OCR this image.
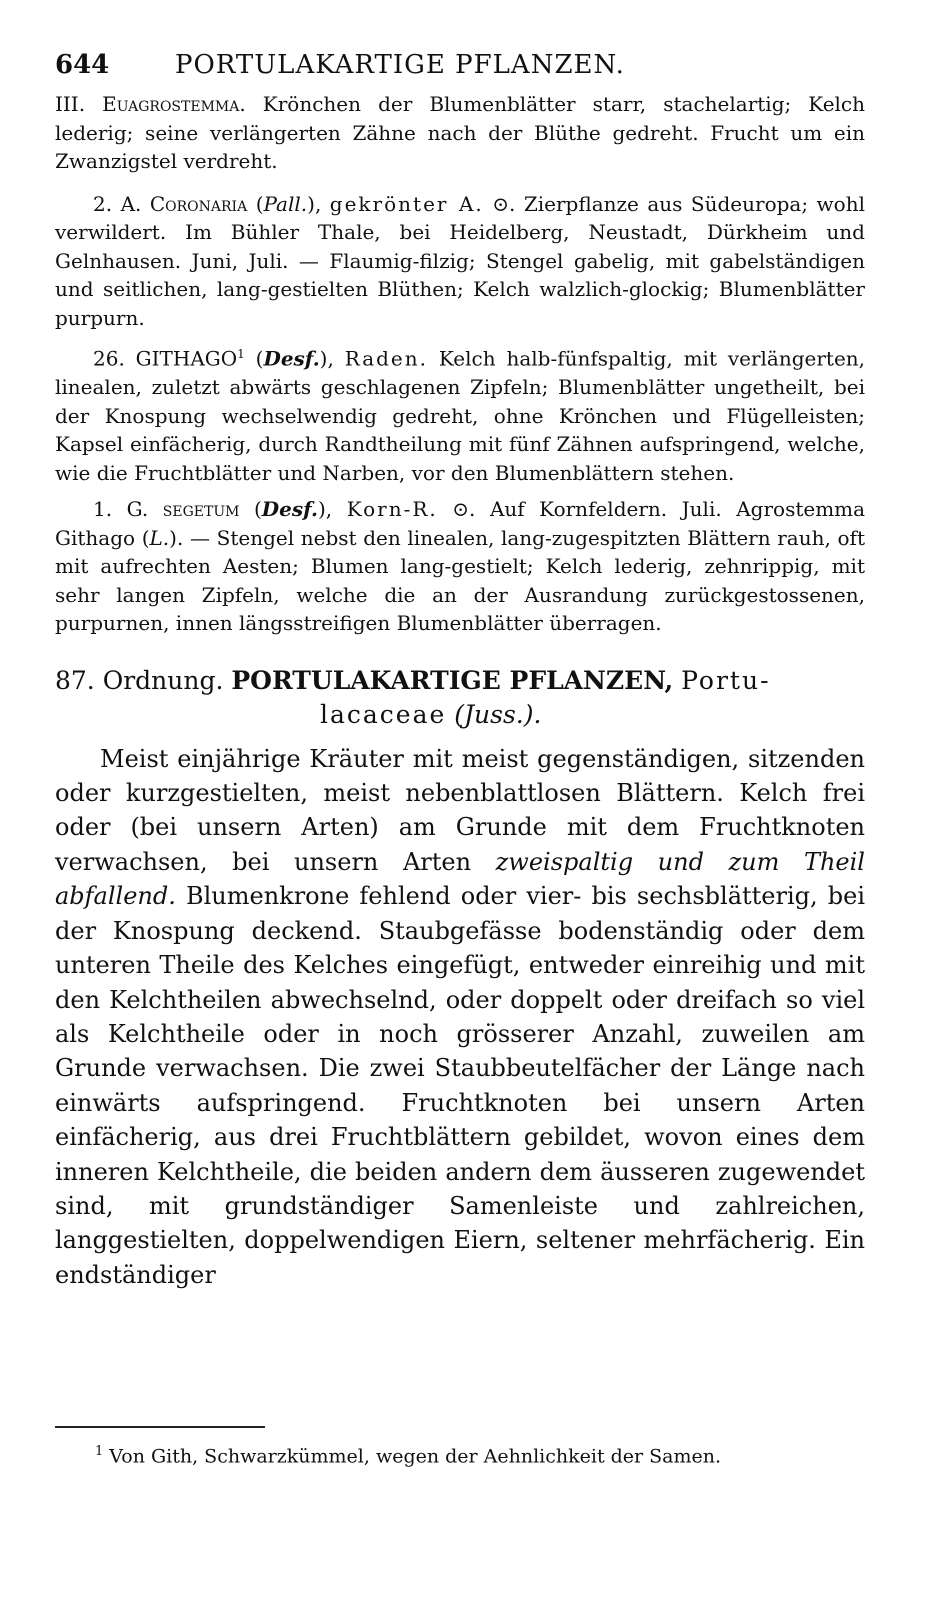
644	PORTULAKARTIGE PFLANZEN.

III. Euagrostemma. Krönchen der Blumenblätter starr, stachelartig; Kelch lederig; seine verlängerten Zähne nach der Blüthe gedreht. Frucht um ein Zwanzigstel verdreht.

2. A. Coronaria (Pall.), gekrönter A. ⊙. Zierpflanze aus Südeuropa; wohl verwildert. Im Bühler Thale, bei Heidelberg, Neustadt, Dürkheim und Gelnhausen. Juni, Juli. — Flaumig-filzig; Stengel gabelig, mit gabelständigen und seitlichen, lang-gestielten Blüthen; Kelch walzlich-glockig; Blumenblätter purpurn.

26. GITHAGO$^1$ (Desf.), Raden. Kelch halb-fünfspaltig, mit verlängerten, linealen, zuletzt abwärts geschlagenen Zipfeln; Blumenblätter ungetheilt, bei der Knospung wechselwendig gedreht, ohne Krönchen und Flügelleisten; Kapsel einfächerig, durch Randtheilung mit fünf Zähnen aufspringend, welche, wie die Fruchtblätter und Narben, vor den Blumenblättern stehen.

1. G. segetum (Desf.), Korn-R. ⊙. Auf Kornfeldern. Juli. Agrostemma Githago (L.). — Stengel nebst den linealen, lang-zugespitzten Blättern rauh, oft mit aufrechten Aesten; Blumen lang-gestielt; Kelch lederig, zehnrippig, mit sehr langen Zipfeln, welche die an der Ausrandung zurückgestossenen, purpurnen, innen längsstreifigen Blumenblätter überragen.

87. Ordnung. PORTULAKARTIGE PFLANZEN, Portu-
lacaceae (Juss.).

Meist einjährige Kräuter mit meist gegenständigen, sitzenden oder kurzgestielten, meist nebenblattlosen Blättern. Kelch frei oder (bei unsern Arten) am Grunde mit dem Fruchtknoten verwachsen, bei unsern Arten zweispaltig und zum Theil abfallend. Blumenkrone fehlend oder vier- bis sechsblätterig, bei der Knospung deckend. Staubgefässe bodenständig oder dem unteren Theile des Kelches eingefügt, entweder einreihig und mit den Kelchtheilen abwechselnd, oder doppelt oder dreifach so viel als Kelchtheile oder in noch grösserer Anzahl, zuweilen am Grunde verwachsen. Die zwei Staubbeutelfächer der Länge nach einwärts aufspringend. Fruchtknoten bei unsern Arten einfächerig, aus drei Fruchtblättern gebildet, wovon eines dem inneren Kelchtheile, die beiden andern dem äusseren zugewendet sind, mit grundständiger Samenleiste und zahlreichen, langgestielten, doppelwendigen Eiern, seltener mehrfächerig. Ein endständiger

$^1$ Von Gith, Schwarzkümmel, wegen der Aehnlichkeit der Samen.
